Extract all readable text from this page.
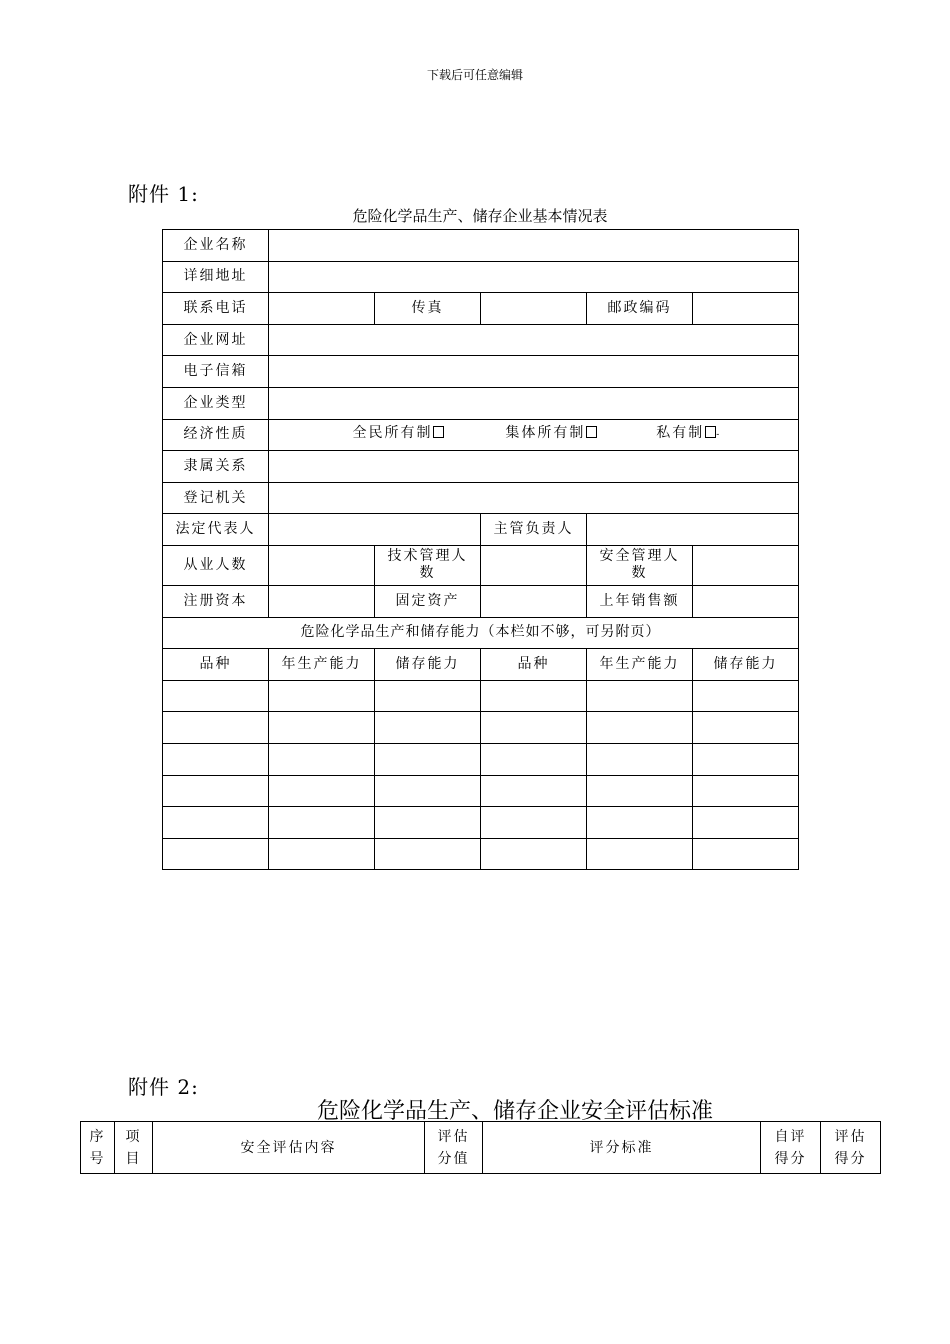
下载后可任意编辑
附件 1:
危险化学品生产、储存企业基本情况表
企业名称					
详细地址					
联系电话		传真		邮政编码	
企业网址					
电子信箱					
企业类型					
经济性质	全民所有制 集体所有制 私有制 -				
隶属关系					
登记机关					
法定代表人			主管负责人		
从业人数		技术管理人数		安全管理人数	
注册资本		固定资产		上年销售额	
危险化学品生产和储存能力（本栏如不够，可另附页）					
品种	年生产能力	储存能力	品种	年生产能力	储存能力

附件 2:
危险化学品生产、储存企业安全评估标准
序号	项目	安全评估内容	评估分值	评分标准	自评得分	评估得分
